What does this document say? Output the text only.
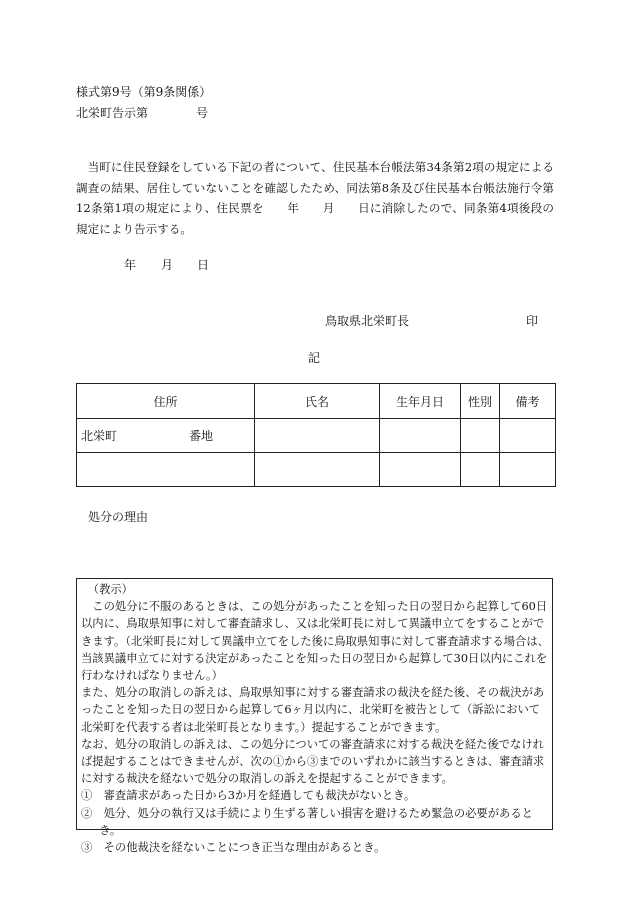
様式第9号（第9条関係）
北栄町告示第	号
当町に住民登録をしている下記の者について、住民基本台帳法第34条第2項の規定による調査の結果、居住していないことを確認したため、同法第8条及び住民基本台帳法施行令第12条第1項の規定により、住民票を　　年　　月　　日に消除したので、同条第4項後段の規定により告示する。
年 月 日
鳥取県北栄町長	印
記
住所	氏名	生年月日	性別	備考
北栄町 番地				

処分の理由
（教示）
この処分に不服のあるときは、この処分があったことを知った日の翌日から起算して60日以内に、鳥取県知事に対して審査請求し、又は北栄町長に対して異議申立てをすることができます。（北栄町長に対して異議申立てをした後に鳥取県知事に対して審査請求する場合は、当該異議申立てに対する決定があったことを知った日の翌日から起算して30日以内にこれを行わなければなりません。）
また、処分の取消しの訴えは、鳥取県知事に対する審査請求の裁決を経た後、その裁決があったことを知った日の翌日から起算して6ヶ月以内に、北栄町を被告として（訴訟において北栄町を代表する者は北栄町長となります。）提起することができます。
なお、処分の取消しの訴えは、この処分についての審査請求に対する裁決を経た後でなければ提起することはできませんが、次の①から③までのいずれかに該当するときは、審査請求に対する裁決を経ないで処分の取消しの訴えを提起することができます。
①　 審査請求があった日から3か月を経過しても裁決がないとき。
②　 処分、処分の執行又は手続により生ずる著しい損害を避けるため緊急の必要があるとき。
③　 その他裁決を経ないことにつき正当な理由があるとき。
